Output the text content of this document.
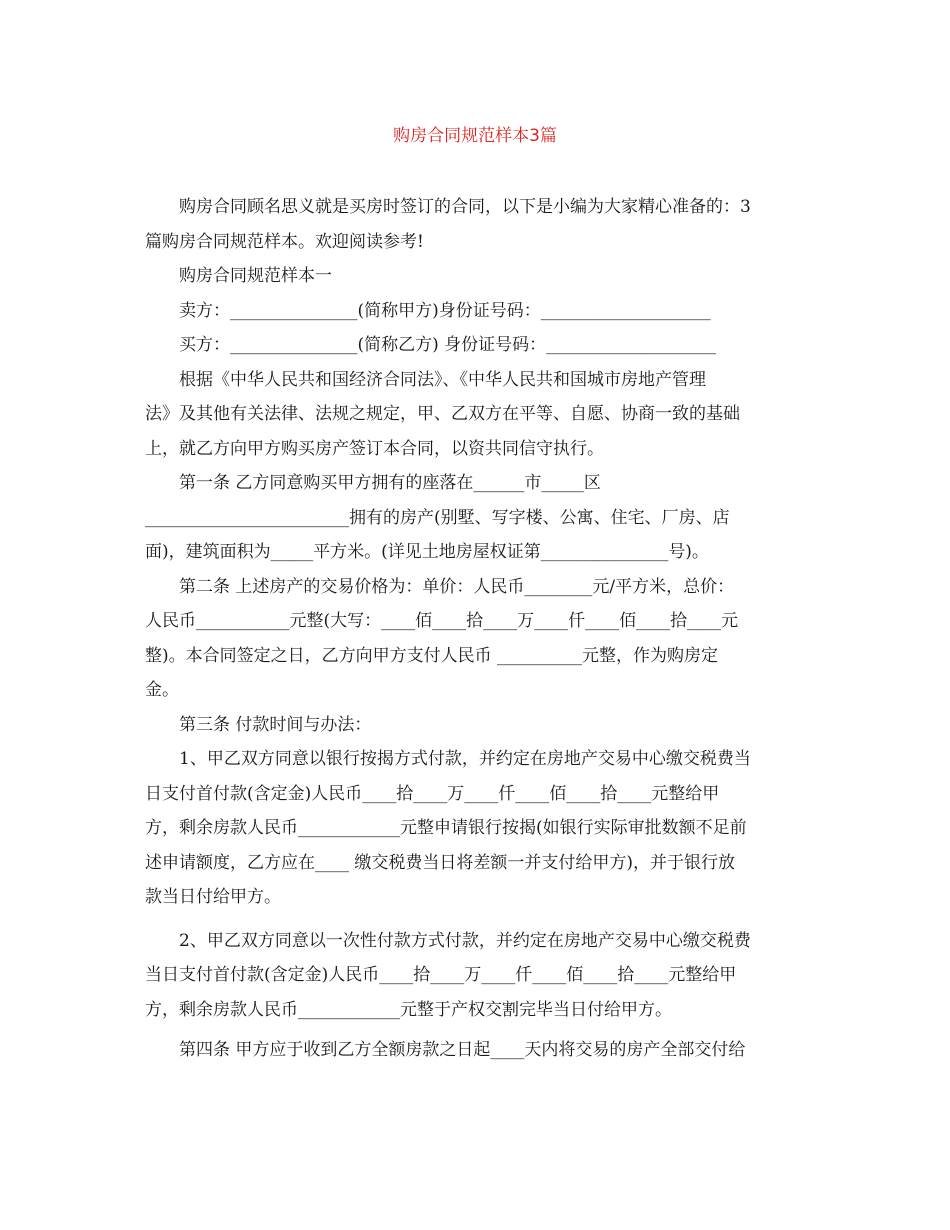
购房合同规范样本3篇
购房合同顾名思义就是买房时签订的合同，以下是小编为大家精心准备的：3
篇购房合同规范样本。欢迎阅读参考!
购房合同规范样本一
卖方：_______________(简称甲方)身份证号码：____________________
买方：_______________(简称乙方) 身份证号码：____________________
根据《中华人民共和国经济合同法》、《中华人民共和国城市房地产管理
法》及其他有关法律、法规之规定，甲、乙双方在平等、自愿、协商一致的基础
上，就乙方向甲方购买房产签订本合同，以资共同信守执行。
第一条 乙方同意购买甲方拥有的座落在______市_____区
________________________拥有的房产(别墅、写字楼、公寓、住宅、厂房、店
面)，建筑面积为_____平方米。(详见土地房屋权证第_______________号)。
第二条 上述房产的交易价格为：单价：人民币________元/平方米，总价：
人民币___________元整(大写：____佰____拾____万____仟____佰____拾____元
整)。本合同签定之日，乙方向甲方支付人民币 __________元整，作为购房定
金。
第三条 付款时间与办法：
1、甲乙双方同意以银行按揭方式付款，并约定在房地产交易中心缴交税费当
日支付首付款(含定金)人民币____拾____万____仟____佰____拾____元整给甲
方，剩余房款人民币____________元整申请银行按揭(如银行实际审批数额不足前
述申请额度，乙方应在____ 缴交税费当日将差额一并支付给甲方)，并于银行放
款当日付给甲方。
2、甲乙双方同意以一次性付款方式付款，并约定在房地产交易中心缴交税费
当日支付首付款(含定金)人民币____拾____万____仟____佰____拾____元整给甲
方，剩余房款人民币____________元整于产权交割完毕当日付给甲方。
第四条 甲方应于收到乙方全额房款之日起____天内将交易的房产全部交付给
